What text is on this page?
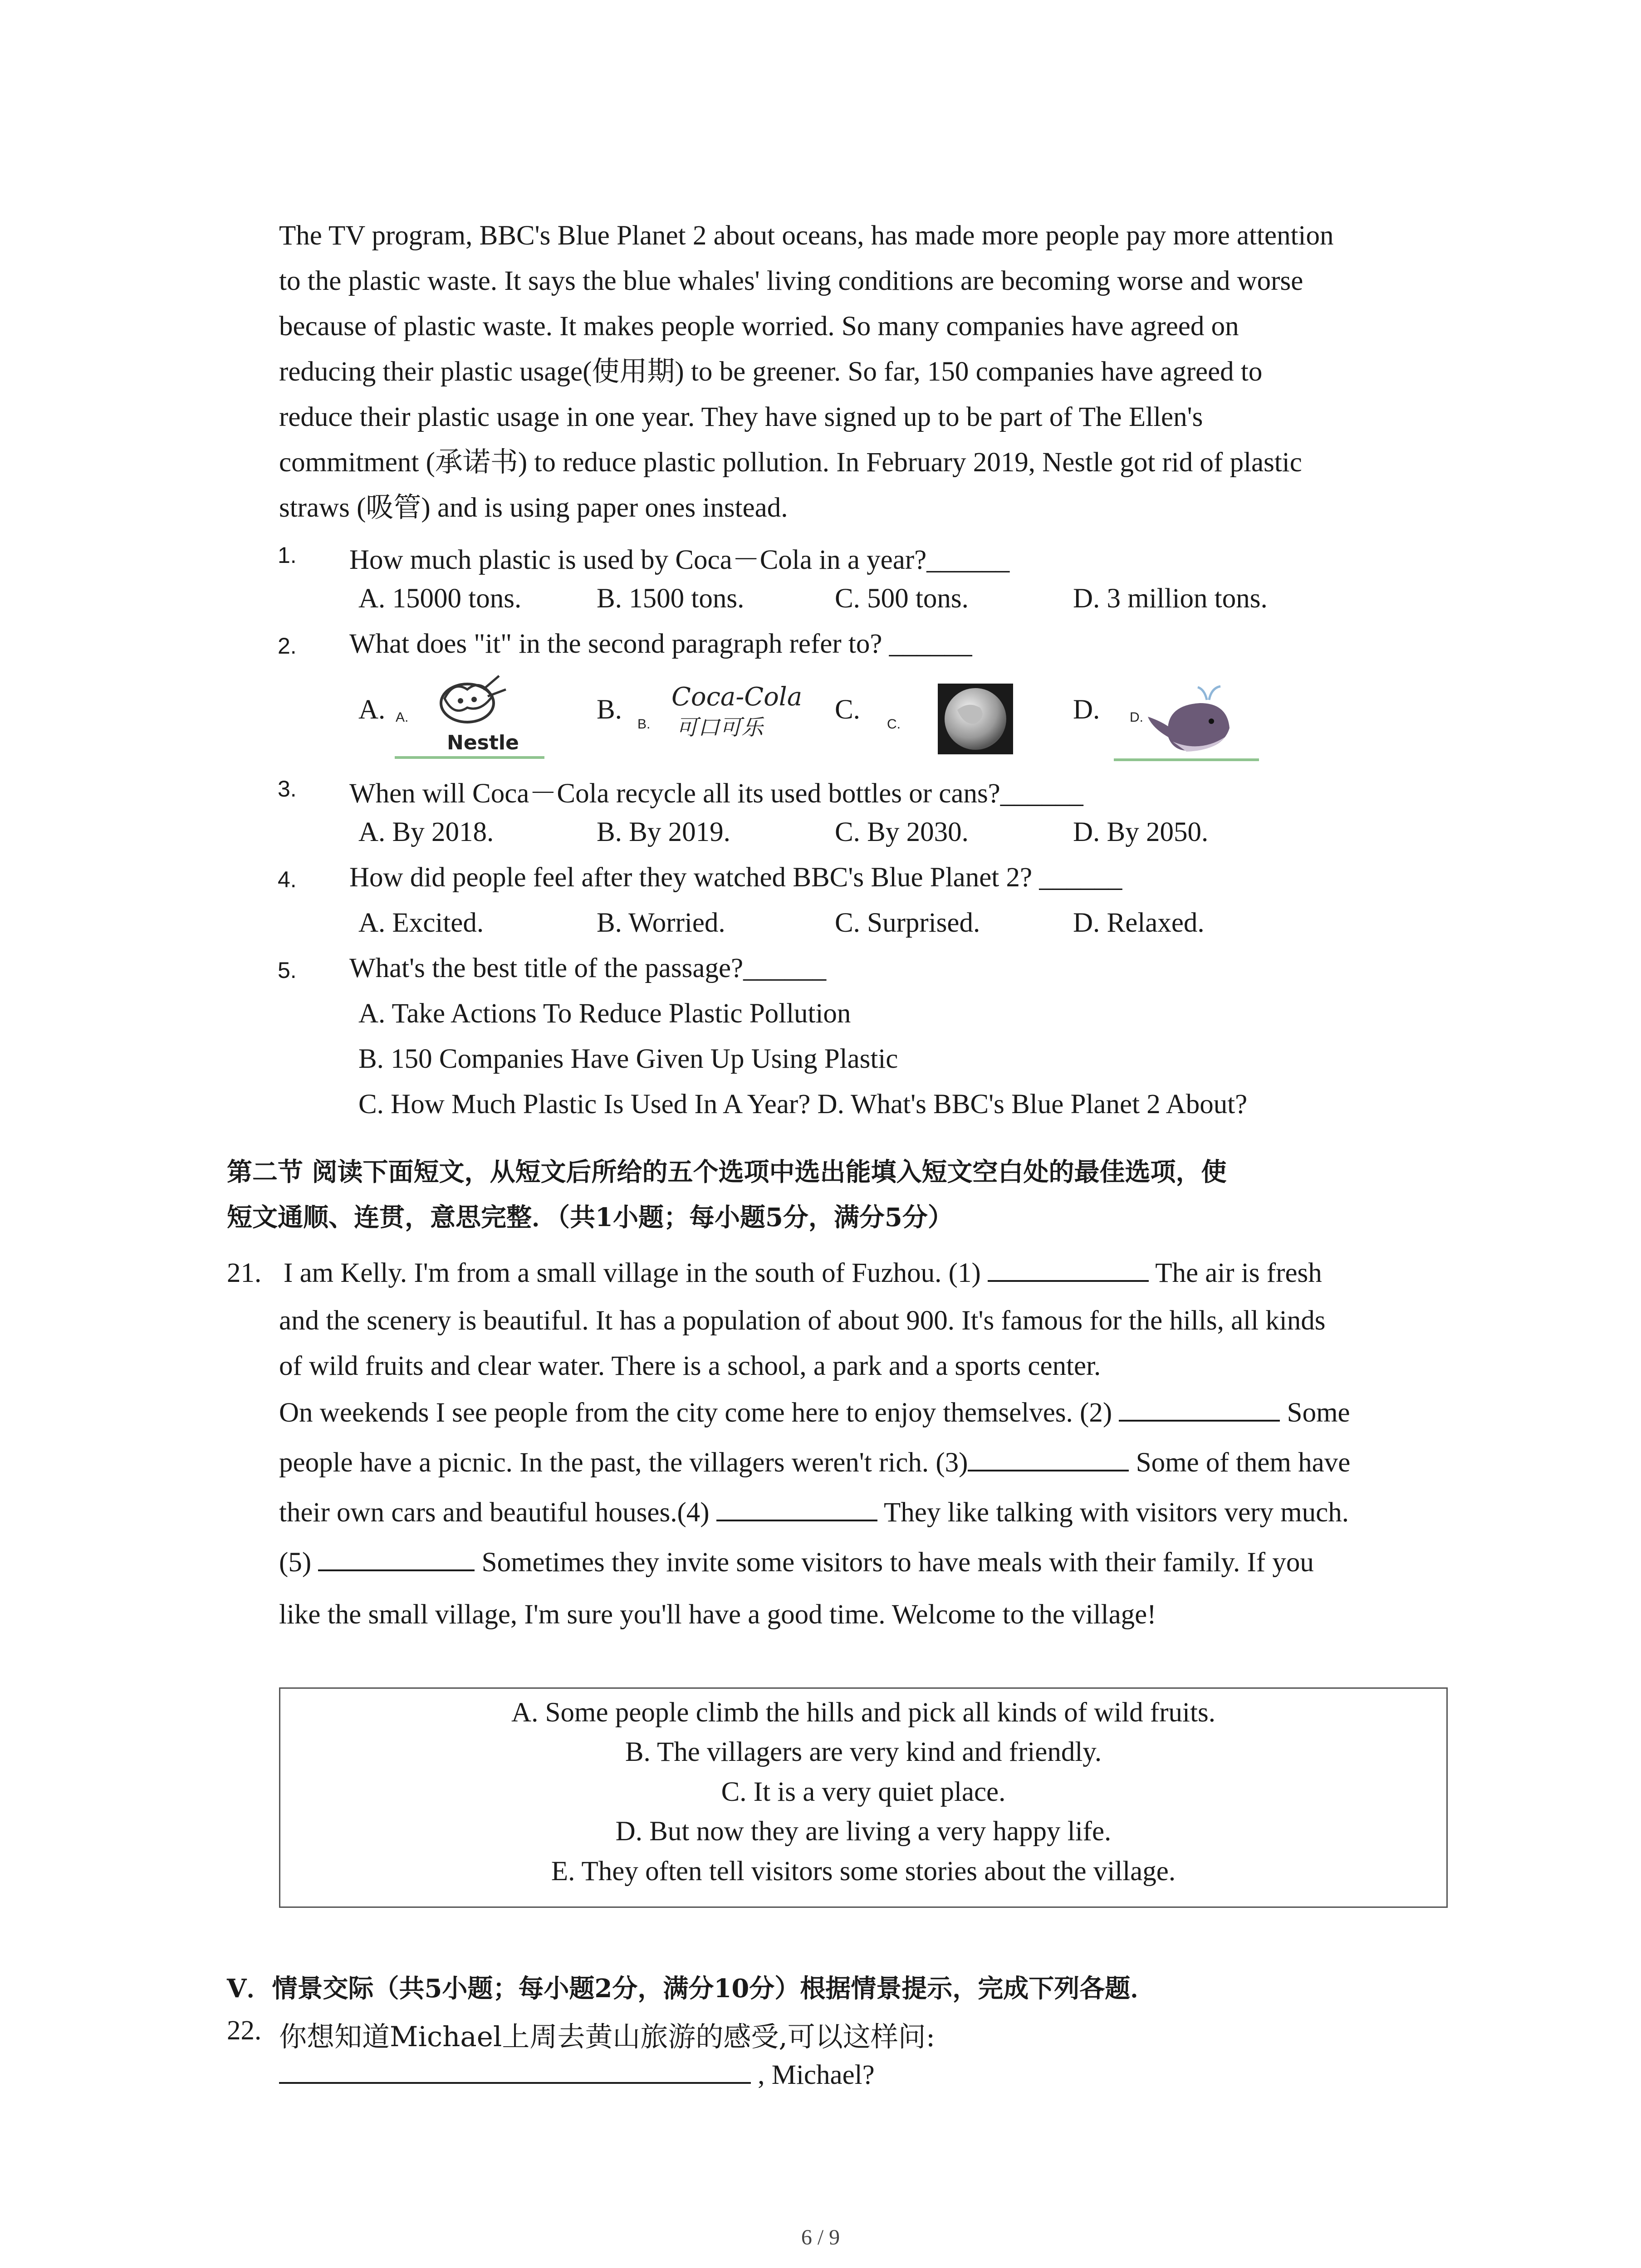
The TV program, BBC's Blue Planet 2 about oceans, has made more people pay more attention
to the plastic waste. It says the blue whales' living conditions are becoming worse and worse
because of plastic waste. It makes people worried. So many companies have agreed on
reducing their plastic usage(使用期) to be greener. So far, 150 companies have agreed to
reduce their plastic usage in one year. They have signed up to be part of The Ellen's
commitment (承诺书) to reduce plastic pollution. In February 2019, Nestle got rid of plastic
straws (吸管) and is using paper ones instead.
1. How much plastic is used by Coca－Cola in a year?______
A. 15000 tons.	B. 1500 tons.	C. 500 tons.	D. 3 million tons.
2. What does "it" in the second paragraph refer to? ______
A. A.
Nestle
B. B.
Coca-Cola
可口可乐
C. C.	D. D.
3. When will Coca－Cola recycle all its used bottles or cans?______
A. By 2018.	B. By 2019.	C. By 2030.	D. By 2050.
4. How did people feel after they watched BBC's Blue Planet 2? ______
A. Excited.	B. Worried.	C. Surprised.	D. Relaxed.
5. What's the best title of the passage?______
A. Take Actions To Reduce Plastic Pollution
B. 150 Companies Have Given Up Using Plastic
C. How Much Plastic Is Used In A Year? D. What's BBC's Blue Planet 2 About?
第二节 阅读下面短文，从短文后所给的五个选项中选出能填入短文空白处的最佳选项，使
短文通顺、连贯，意思完整．（共1小题；每小题5分，满分5分）
21. I am Kelly. I'm from a small village in the south of Fuzhou. (1)	The air is fresh
and the scenery is beautiful. It has a population of about 900. It's famous for the hills, all kinds
of wild fruits and clear water. There is a school, a park and a sports center.
On weekends I see people from the city come here to enjoy themselves. (2)	Some
people have a picnic. In the past, the villagers weren't rich. (3)	Some of them have
their own cars and beautiful houses.(4)	They like talking with visitors very much.
(5)	Sometimes they invite some visitors to have meals with their family. If you
like the small village, I'm sure you'll have a good time. Welcome to the village!
A. Some people climb the hills and pick all kinds of wild fruits.
B. The villagers are very kind and friendly.
C. It is a very quiet place.
D. But now they are living a very happy life.
E. They often tell visitors some stories about the village.
Ⅴ．情景交际（共5小题；每小题2分，满分10分）根据情景提示，完成下列各题．
22. 你想知道Michael上周去黄山旅游的感受,可以这样问:
, Michael?
6 / 9
